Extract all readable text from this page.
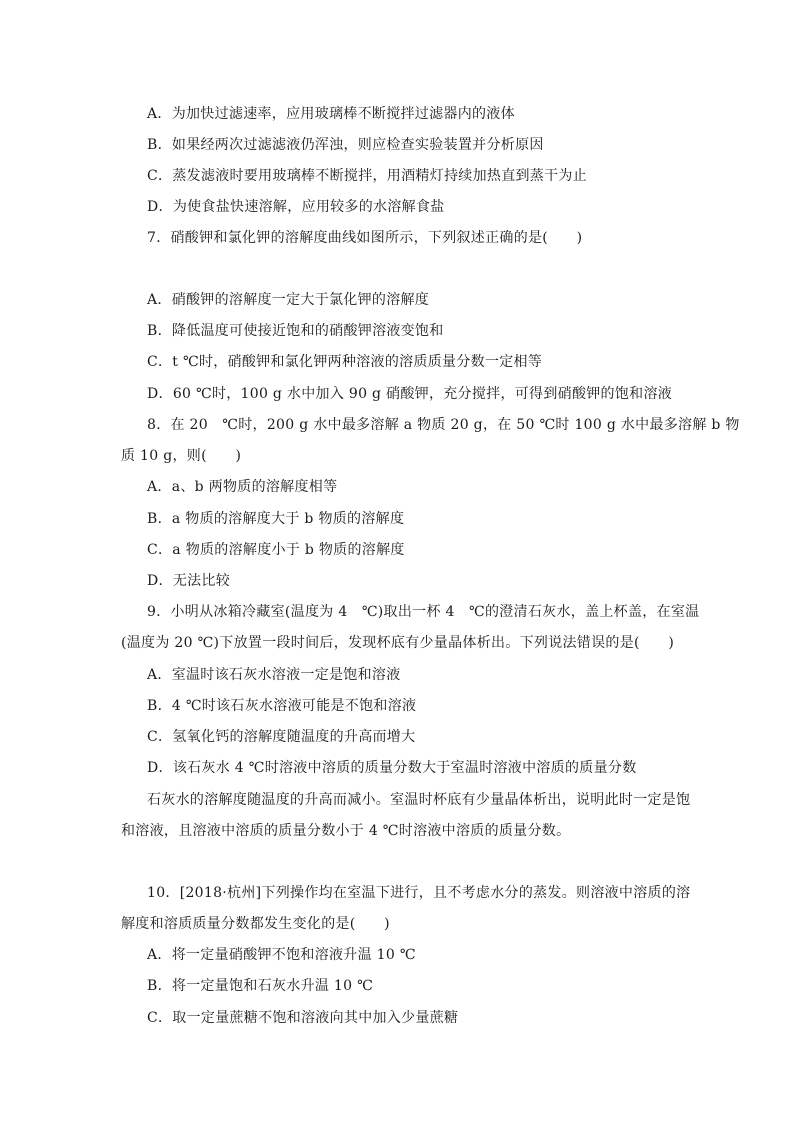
A．为加快过滤速率，应用玻璃棒不断搅拌过滤器内的液体
B．如果经两次过滤滤液仍浑浊，则应检查实验装置并分析原因
C．蒸发滤液时要用玻璃棒不断搅拌，用酒精灯持续加热直到蒸干为止
D．为使食盐快速溶解，应用较多的水溶解食盐
7．硝酸钾和氯化钾的溶解度曲线如图所示，下列叙述正确的是(　　)
A．硝酸钾的溶解度一定大于氯化钾的溶解度
B．降低温度可使接近饱和的硝酸钾溶液变饱和
C．t ℃时，硝酸钾和氯化钾两种溶液的溶质质量分数一定相等
D．60 ℃时，100 g 水中加入 90 g 硝酸钾，充分搅拌，可得到硝酸钾的饱和溶液
8．在 20　℃时，200 g 水中最多溶解 a 物质 20 g，在 50 ℃时 100 g 水中最多溶解 b 物
质 10 g，则(　　)
A．a、b 两物质的溶解度相等
B．a 物质的溶解度大于 b 物质的溶解度
C．a 物质的溶解度小于 b 物质的溶解度
D．无法比较
9．小明从冰箱冷藏室(温度为 4　℃)取出一杯 4　℃的澄清石灰水，盖上杯盖，在室温
(温度为 20 ℃)下放置一段时间后，发现杯底有少量晶体析出。下列说法错误的是(　　)
A．室温时该石灰水溶液一定是饱和溶液
B．4 ℃时该石灰水溶液可能是不饱和溶液
C．氢氧化钙的溶解度随温度的升高而增大
D．该石灰水 4 ℃时溶液中溶质的质量分数大于室温时溶液中溶质的质量分数
石灰水的溶解度随温度的升高而减小。室温时杯底有少量晶体析出，说明此时一定是饱
和溶液，且溶液中溶质的质量分数小于 4 ℃时溶液中溶质的质量分数。
10．[2018·杭州]下列操作均在室温下进行，且不考虑水分的蒸发。则溶液中溶质的溶
解度和溶质质量分数都发生变化的是(　　)
A．将一定量硝酸钾不饱和溶液升温 10 ℃
B．将一定量饱和石灰水升温 10 ℃
C．取一定量蔗糖不饱和溶液向其中加入少量蔗糖
